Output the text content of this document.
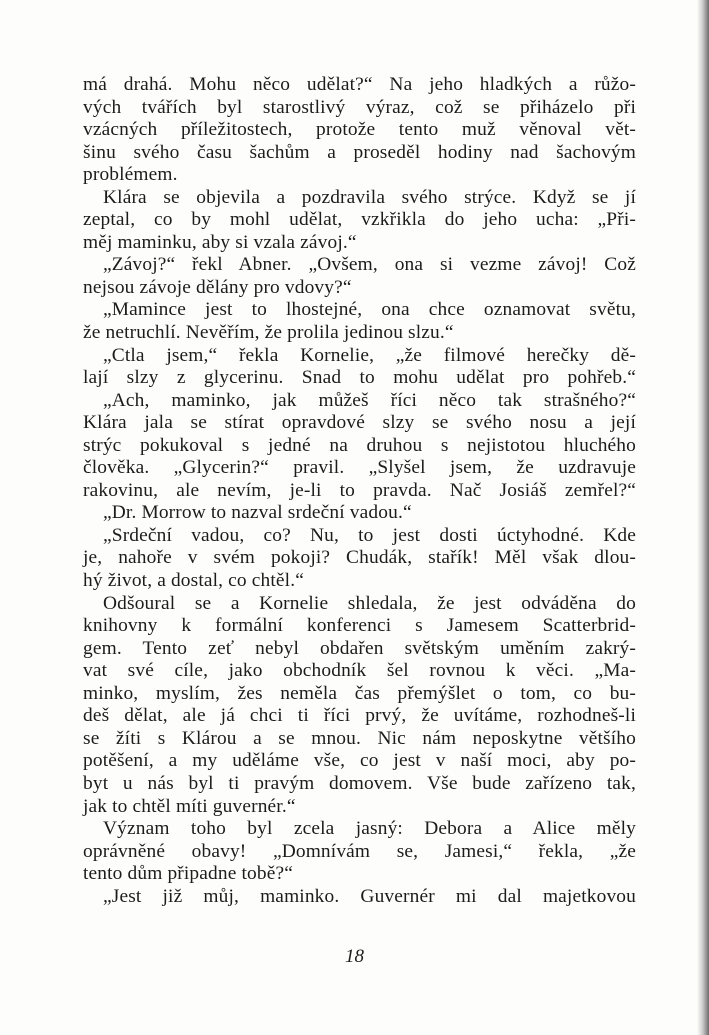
má drahá. Mohu něco udělat?“ Na jeho hladkých a růžo-
vých tvářích byl starostlivý výraz, což se přiházelo při
vzácných příležitostech, protože tento muž věnoval vět-
šinu svého času šachům a proseděl hodiny nad šachovým
problémem.
Klára se objevila a pozdravila svého strýce. Když se jí
zeptal, co by mohl udělat, vzkřikla do jeho ucha: „Při-
měj maminku, aby si vzala závoj.“
„Závoj?“ řekl Abner. „Ovšem, ona si vezme závoj! Což
nejsou závoje dělány pro vdovy?“
„Mamince jest to lhostejné, ona chce oznamovat světu,
že netruchlí. Nevěřím, že prolila jedinou slzu.“
„Ctla jsem,“ řekla Kornelie, „že filmové herečky dě-
lají slzy z glycerinu. Snad to mohu udělat pro pohřeb.“
„Ach, maminko, jak můžeš říci něco tak strašného?“
Klára jala se stírat opravdové slzy se svého nosu a její
strýc pokukoval s jedné na druhou s nejistotou hluchého
člověka. „Glycerin?“ pravil. „Slyšel jsem, že uzdravuje
rakovinu, ale nevím, je-li to pravda. Nač Josiáš zemřel?“
„Dr. Morrow to nazval srdeční vadou.“
„Srdeční vadou, co? Nu, to jest dosti úctyhodné. Kde
je, nahoře v svém pokoji? Chudák, stařík! Měl však dlou-
hý život, a dostal, co chtěl.“
Odšoural se a Kornelie shledala, že jest odváděna do
knihovny k formální konferenci s Jamesem Scatterbrid-
gem. Tento zeť nebyl obdařen světským uměním zakrý-
vat své cíle, jako obchodník šel rovnou k věci. „Ma-
minko, myslím, žes neměla čas přemýšlet o tom, co bu-
deš dělat, ale já chci ti říci prvý, že uvítáme, rozhodneš-li
se žíti s Klárou a se mnou. Nic nám neposkytne většího
potěšení, a my uděláme vše, co jest v naší moci, aby po-
byt u nás byl ti pravým domovem. Vše bude zařízeno tak,
jak to chtěl míti guvernér.“
Význam toho byl zcela jasný: Debora a Alice měly
oprávněné obavy! „Domnívám se, Jamesi,“ řekla, „že
tento dům připadne tobě?“
„Jest již můj, maminko. Guvernér mi dal majetkovou
18
